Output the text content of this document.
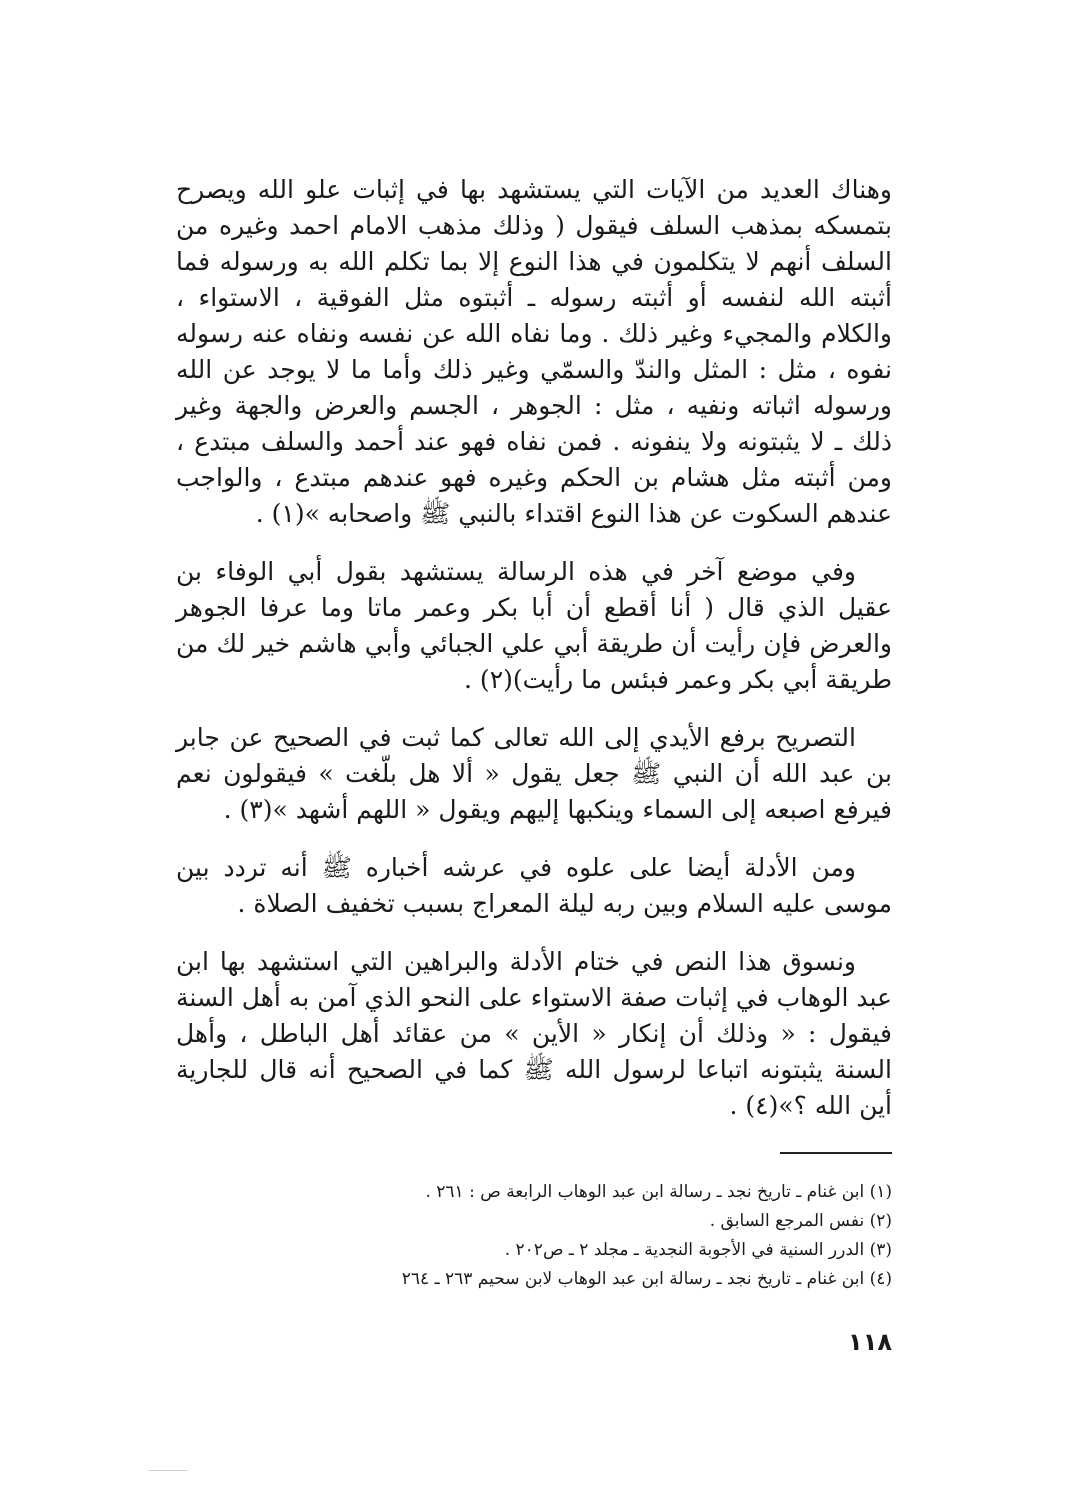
وهناك العديد من الآيات التي يستشهد بها في إثبات علو الله ويصرح بتمسكه بمذهب السلف فيقول ( وذلك مذهب الامام احمد وغيره من السلف أنهم لا يتكلمون في هذا النوع إلا بما تكلم الله به ورسوله فما أثبته الله لنفسه أو أثبته رسوله ـ أثبتوه مثل الفوقية ، الاستواء ، والكلام والمجيء وغير ذلك . وما نفاه الله عن نفسه ونفاه عنه رسوله نفوه ، مثل : المثل والندّ والسمّي وغير ذلك وأما ما لا يوجد عن الله ورسوله اثباته ونفيه ، مثل : الجوهر ، الجسم والعرض والجهة وغير ذلك ـ لا يثبتونه ولا ينفونه . فمن نفاه فهو عند أحمد والسلف مبتدع ، ومن أثبته مثل هشام بن الحكم وغيره فهو عندهم مبتدع ، والواجب عندهم السكوت عن هذا النوع اقتداء بالنبي ﷺ واصحابه »(١) .

وفي موضع آخر في هذه الرسالة يستشهد بقول أبي الوفاء بن عقيل الذي قال ( أنا أقطع أن أبا بكر وعمر ماتا وما عرفا الجوهر والعرض فإن رأيت أن طريقة أبي علي الجبائي وأبي هاشم خير لك من طريقة أبي بكر وعمر فبئس ما رأيت)(٢) .

التصريح برفع الأيدي إلى الله تعالى كما ثبت في الصحيح عن جابر بن عبد الله أن النبي ﷺ جعل يقول « ألا هل بلّغت » فيقولون نعم فيرفع اصبعه إلى السماء وينكبها إليهم ويقول « اللهم أشهد »(٣) .

ومن الأدلة أيضا على علوه في عرشه أخباره ﷺ أنه تردد بين موسى عليه السلام وبين ربه ليلة المعراج بسبب تخفيف الصلاة .

ونسوق هذا النص في ختام الأدلة والبراهين التي استشهد بها ابن عبد الوهاب في إثبات صفة الاستواء على النحو الذي آمن به أهل السنة فيقول : « وذلك أن إنكار « الأين » من عقائد أهل الباطل ، وأهل السنة يثبتونه اتباعا لرسول الله ﷺ كما في الصحيح أنه قال للجارية أين الله ؟»(٤) .

(١) ابن غنام ـ تاريخ نجد ـ رسالة ابن عبد الوهاب الرابعة ص : ٢٦١ .
(٢) نفس المرجع السابق .
(٣) الدرر السنية في الأجوبة النجدية ـ مجلد ٢ ـ ص٢٠٢ .
(٤) ابن غنام ـ تاريخ نجد ـ رسالة ابن عبد الوهاب لابن سحيم ٢٦٣ ـ ٢٦٤
١١٨
